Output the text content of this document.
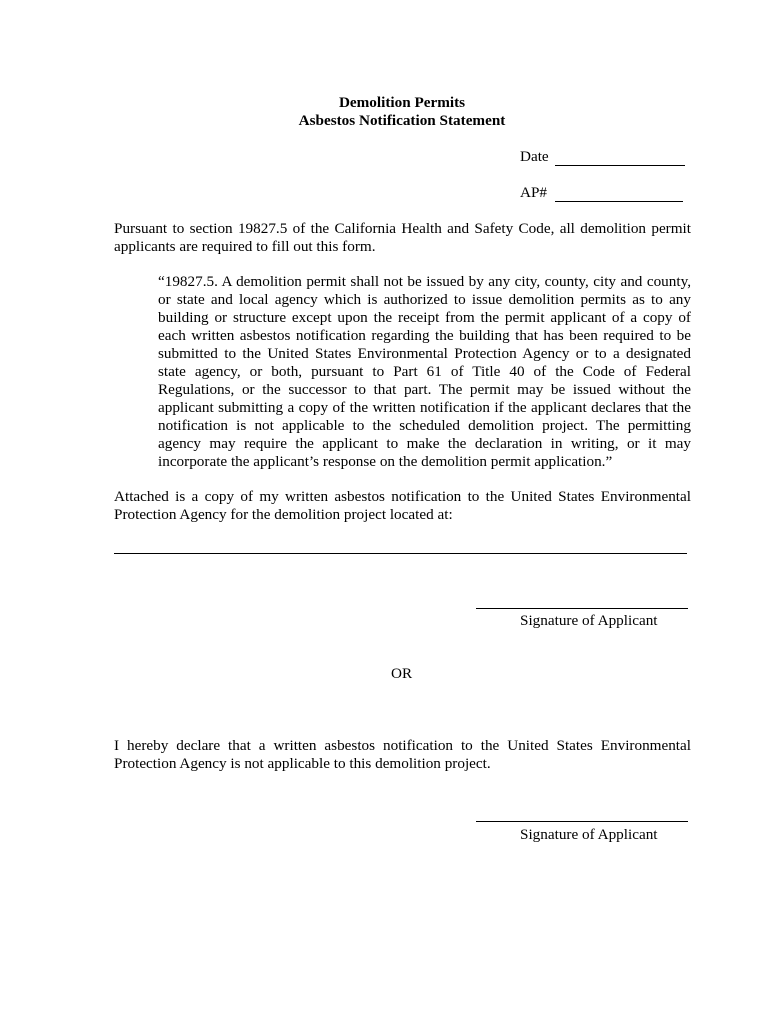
Demolition Permits
Asbestos Notification Statement
Date
AP#

Pursuant to section 19827.5 of the California Health and Safety Code, all demolition permit applicants are required to fill out this form.

“19827.5. A demolition permit shall not be issued by any city, county, city and county, or state and local agency which is authorized to issue demolition permits as to any building or structure except upon the receipt from the permit applicant of a copy of each written asbestos notification regarding the building that has been required to be submitted to the United States Environmental Protection Agency or to a designated state agency, or both, pursuant to Part 61 of Title 40 of the Code of Federal Regulations, or the successor to that part. The permit may be issued without the applicant submitting a copy of the written notification if the applicant declares that the notification is not applicable to the scheduled demolition project. The permitting agency may require the applicant to make the declaration in writing, or it may incorporate the applicant’s response on the demolition permit application.”

Attached is a copy of my written asbestos notification to the United States Environmental Protection Agency for the demolition project located at:

Signature of Applicant
OR

I hereby declare that a written asbestos notification to the United States Environmental Protection Agency is not applicable to this demolition project.

Signature of Applicant
